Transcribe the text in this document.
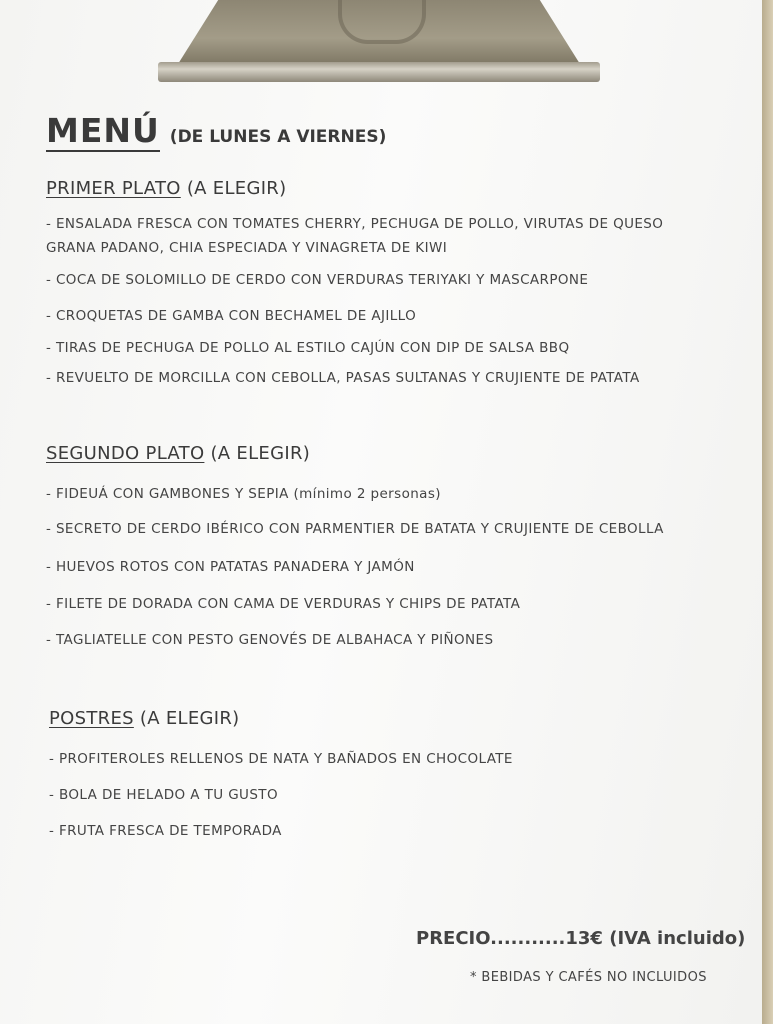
MENÚ (DE LUNES A VIERNES)
PRIMER PLATO (A ELEGIR)
- ENSALADA FRESCA CON TOMATES CHERRY, PECHUGA DE POLLO, VIRUTAS DE QUESO GRANA PADANO, CHIA ESPECIADA Y VINAGRETA DE KIWI
- COCA DE SOLOMILLO DE CERDO CON VERDURAS TERIYAKI Y MASCARPONE
- CROQUETAS DE GAMBA CON BECHAMEL DE AJILLO
- TIRAS DE PECHUGA DE POLLO AL ESTILO CAJÚN CON DIP DE SALSA BBQ
- REVUELTO DE MORCILLA CON CEBOLLA, PASAS SULTANAS Y CRUJIENTE DE PATATA
SEGUNDO PLATO (A ELEGIR)
- FIDEUÁ CON GAMBONES Y SEPIA (mínimo 2 personas)
- SECRETO DE CERDO IBÉRICO CON PARMENTIER DE BATATA Y CRUJIENTE DE CEBOLLA
- HUEVOS ROTOS CON PATATAS PANADERA Y JAMÓN
- FILETE DE DORADA CON CAMA DE VERDURAS Y CHIPS DE PATATA
- TAGLIATELLE CON PESTO GENOVÉS DE ALBAHACA Y PIÑONES
POSTRES (A ELEGIR)
- PROFITEROLES RELLENOS DE NATA Y BAÑADOS EN CHOCOLATE
- BOLA DE HELADO A TU GUSTO
- FRUTA FRESCA DE TEMPORADA
PRECIO...........13€ (IVA incluido)
* BEBIDAS Y CAFÉS NO INCLUIDOS
